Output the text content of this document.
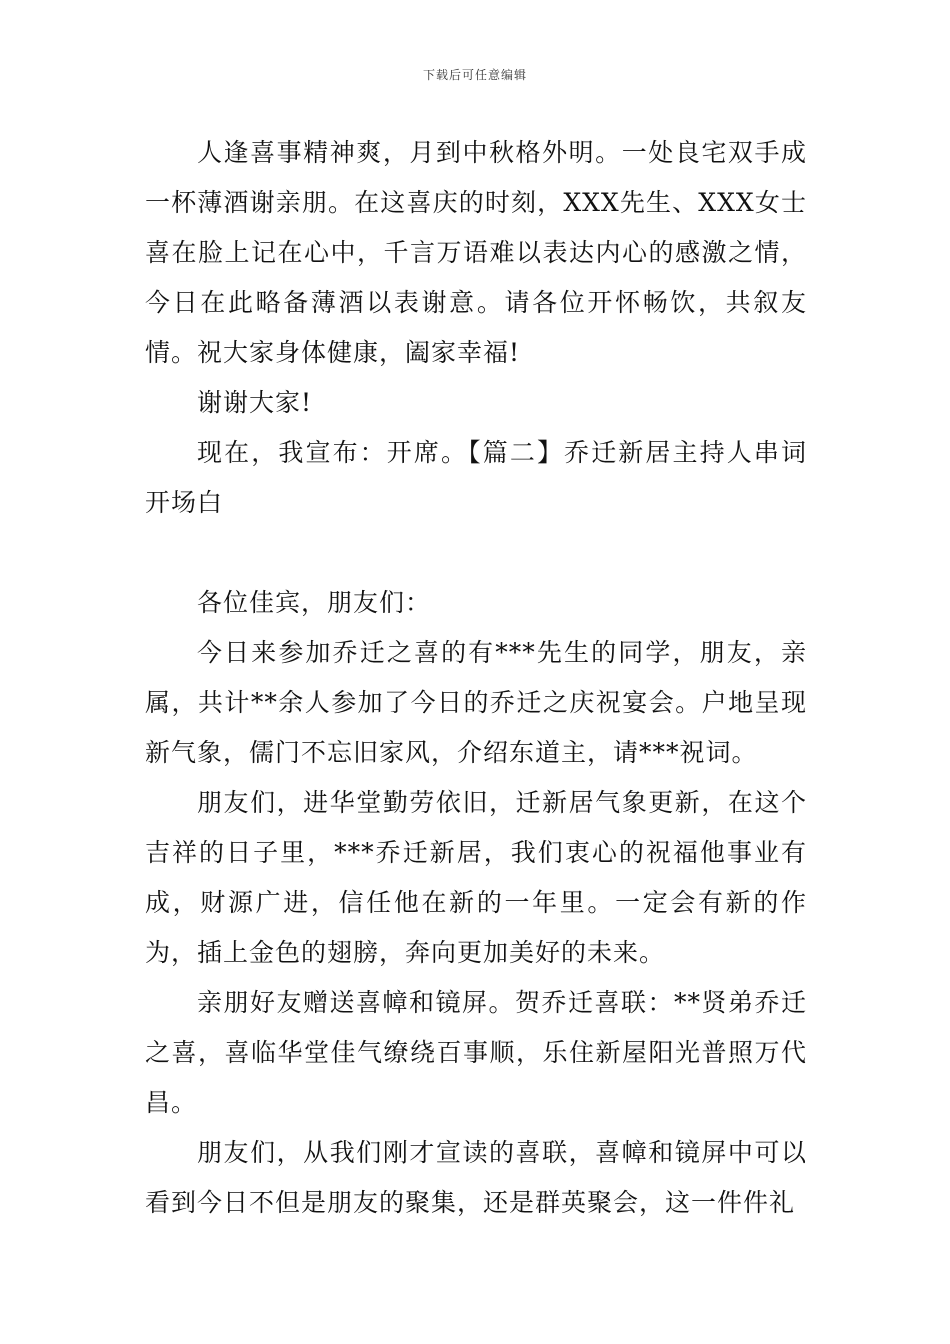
下载后可任意编辑

人逢喜事精神爽，月到中秋格外明。一处良宅双手成一杯薄酒谢亲朋。在这喜庆的时刻，XXX先生、XXX女士喜在脸上记在心中，千言万语难以表达内心的感激之情，今日在此略备薄酒以表谢意。请各位开怀畅饮，共叙友情。祝大家身体健康，阖家幸福!

谢谢大家!

现在，我宣布：开席。【篇二】乔迁新居主持人串词开场白

各位佳宾，朋友们：

今日来参加乔迁之喜的有***先生的同学，朋友，亲属，共计**余人参加了今日的乔迁之庆祝宴会。户地呈现新气象，儒门不忘旧家风，介绍东道主，请***祝词。

朋友们，进华堂勤劳依旧，迁新居气象更新，在这个吉祥的日子里，***乔迁新居，我们衷心的祝福他事业有成，财源广进，信任他在新的一年里。一定会有新的作为，插上金色的翅膀，奔向更加美好的未来。

亲朋好友赠送喜幛和镜屏。贺乔迁喜联：**贤弟乔迁之喜，喜临华堂佳气缭绕百事顺，乐住新屋阳光普照万代昌。

朋友们，从我们刚才宣读的喜联，喜幛和镜屏中可以看到今日不但是朋友的聚集，还是群英聚会，这一件件礼
